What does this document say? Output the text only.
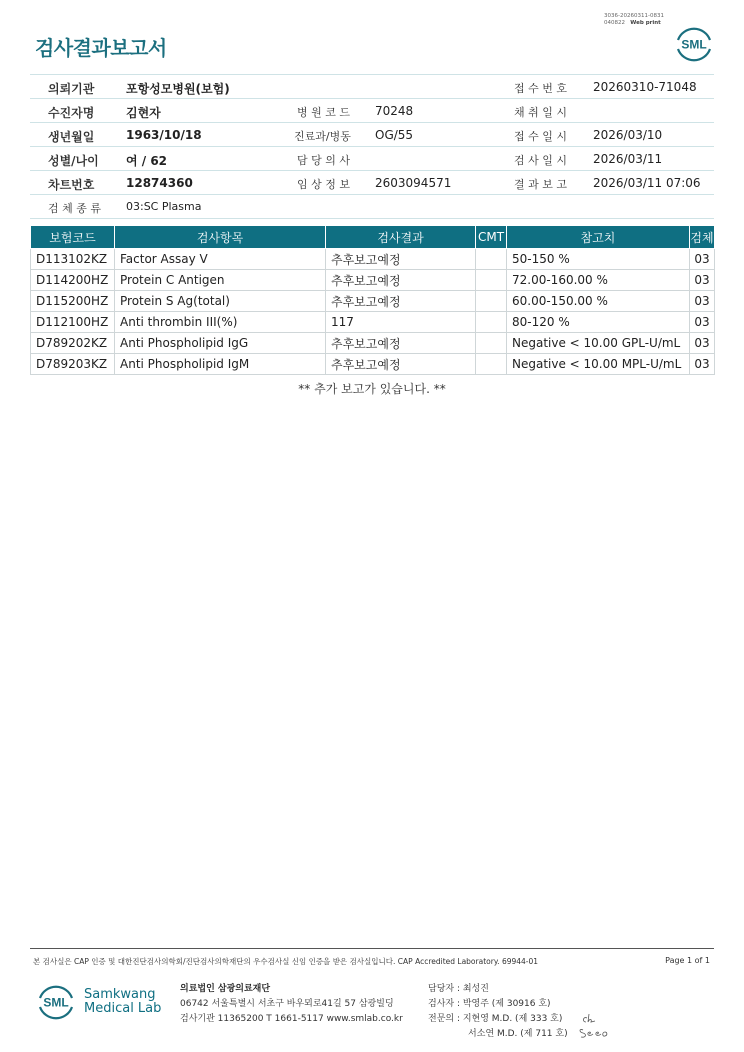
검사결과보고서
3036-20260311-0831
040822 Web print
SML
의뢰기관	포항성모병원(보험)	접 수 번 호 20260310-71048
수진자명	김현자	병 원 코 드 70248	채 취 일 시
생년월일	1963/10/18	진료과/병동 OG/55	접 수 일 시 2026/03/10
성별/나이 여 / 62	담 당 의 사	검 사 일 시 2026/03/11
차트번호	12874360	임 상 정 보 2603094571	결 과 보 고 2026/03/11 07:06
검 체 종 류 03:SC Plasma
보험코드	검사항목	검사결과	CMT	참고치	검체
D113102KZ	Factor Assay V	추후보고예정		50-150 %	03
D114200HZ	Protein C Antigen	추후보고예정		72.00-160.00 %	03
D115200HZ	Protein S Ag(total)	추후보고예정		60.00-150.00 %	03
D112100HZ	Anti thrombin III(%)	117		80-120 %	03
D789202KZ	Anti Phospholipid IgG	추후보고예정		Negative < 10.00 GPL-U/mL	03
D789203KZ	Anti Phospholipid IgM	추후보고예정		Negative < 10.00 MPL-U/mL	03
** 추가 보고가 있습니다. **
본 검사실은 CAP 인증 및 대한진단검사의학회/진단검사의학재단의 우수검사실 신임 인증을 받은 검사실입니다. CAP Accredited Laboratory. 69944-01	Page 1 of 1
SML
Samkwang
Medical Lab
의료법인 삼광의료재단
06742 서울특별시 서초구 바우뫼로41길 57 삼광빌딩
검사기관 11365200 T 1661-5117 www.smlab.co.kr
담당자 : 최성진
검사자 : 박영주 (제 30916 호)
전문의 : 지현영 M.D. (제 333 호)
서소연 M.D. (제 711 호)
